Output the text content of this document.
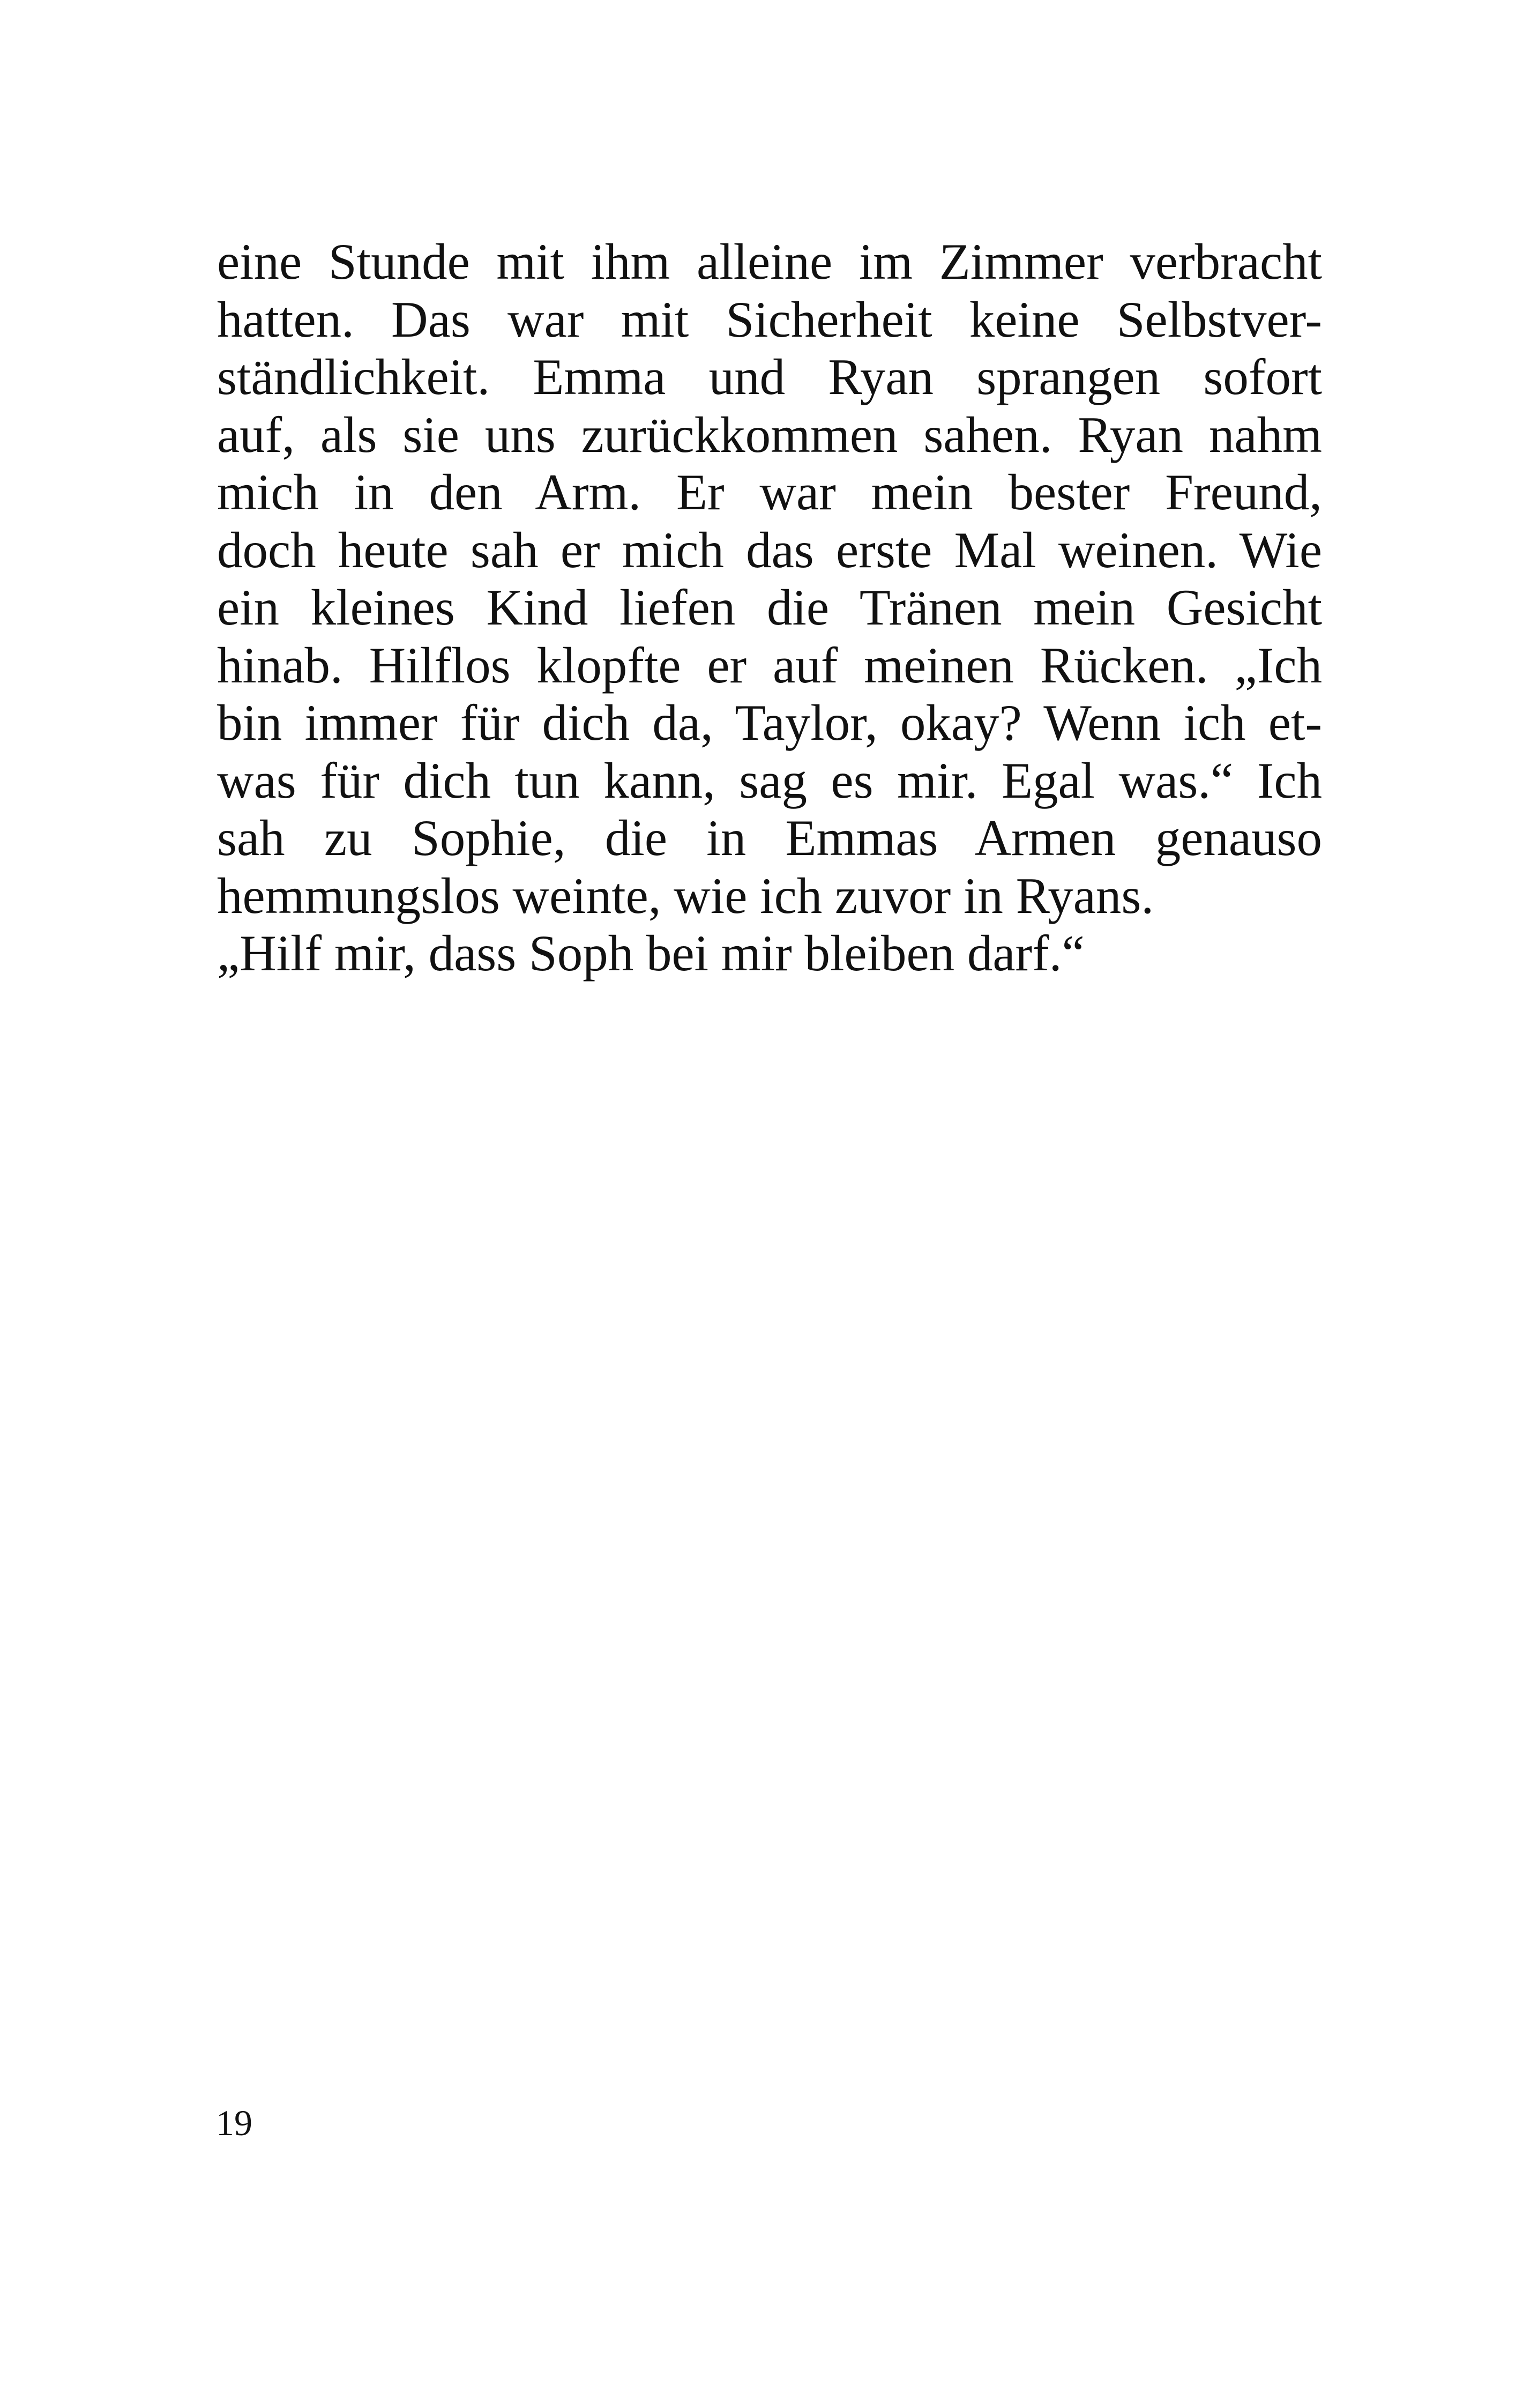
eine Stunde mit ihm alleine im Zimmer verbracht
hatten. Das war mit Sicherheit keine Selbstver-
ständlichkeit. Emma und Ryan sprangen sofort
auf, als sie uns zurückkommen sahen. Ryan nahm
mich in den Arm. Er war mein bester Freund,
doch heute sah er mich das erste Mal weinen. Wie
ein kleines Kind liefen die Tränen mein Gesicht
hinab. Hilflos klopfte er auf meinen Rücken. „Ich
bin immer für dich da, Taylor, okay? Wenn ich et-
was für dich tun kann, sag es mir. Egal was.“ Ich
sah zu Sophie, die in Emmas Armen genauso
hemmungslos weinte, wie ich zuvor in Ryans.
„Hilf mir, dass Soph bei mir bleiben darf.“
19
